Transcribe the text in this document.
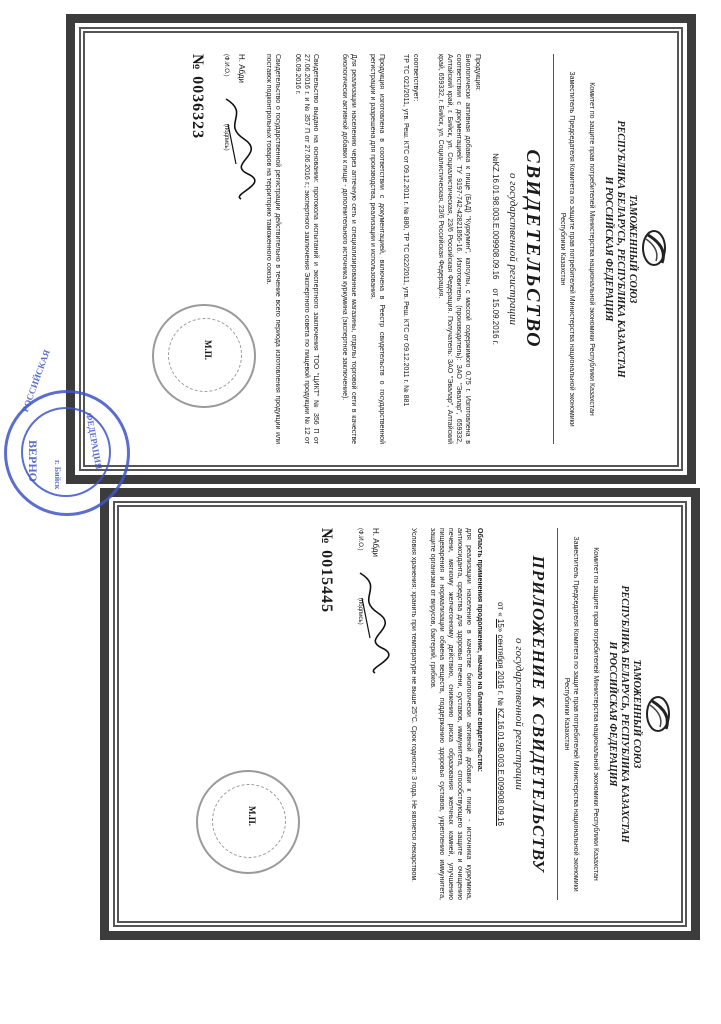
ТАМОЖЕННЫЙ СОЮЗ
РЕСПУБЛИКА БЕЛАРУСЬ, РЕСПУБЛИКА КАЗАХСТАН
И РОССИЙСКАЯ ФЕДЕРАЦИЯ
Комитет по защите прав потребителей Министерства национальной экономики Республики Казахстан
Заместитель Председателя Комитета по защите прав потребителей Министерства национальной экономики Республики Казахстан
СВИДЕТЕЛЬСТВО
о государственной регистрации
№KZ.16.01.98.003.E.009908.09.16    от 15.09.2016 г.
Продукция:
Биологически активная добавка к пище (БАД) "Куркумин", капсулы, с массой содержимого 0,75 г. Изготовлена в соответствии с документацией: ТУ 9197-742-42821856-16. Изготовитель (производитель): ЗАО "Эвалар", 659332, Алтайский край, г. Бийск, ул. Социалистическая, 23/6 Российская Федерация. Получатель: ЗАО "Эвалар", Алтайский край, 659332, г. Бийск, ул. Социалистическая, 23/6 Российская Федерация.
соответствует:
ТР ТС 021/2011, утв. Реш. КТС от 09.12.2011 г. № 880, ТР ТС 022/2011, утв. Реш. КТС от 09.12.2011 г. № 881
Продукция изготовлена в соответствии с документацией, включена в Реестр свидетельств о государственной регистрации и разрешена для производства, реализации и использования.
Для реализации населению через аптечную сеть и специализированные магазины, отделы торговой сети в качестве биологически активной добавки к пище - дополнительного источника куркумина (экспертное заключение).
Свидетельство выдано на основании: протокола испытаний и экспертного заключения ТОО "ЦИКТ" № 356 П от 27.06.2016 г. и № 357 П от 27.06.2016 г.; экспертного заключения Экспертного совета по пищевой продукции № 12 от 06.09.2016 г.
Свидетельство о государственной регистрации действительно в течение всего периода изготовления продукции или поставок подконтрольных товаров на территорию таможенного союза.
Н. Абди
(Ф.И.О.)
(подпись)
№ 0036323
М.П.
ТАМОЖЕННЫЙ СОЮЗ
РЕСПУБЛИКА БЕЛАРУСЬ, РЕСПУБЛИКА КАЗАХСТАН
И РОССИЙСКАЯ ФЕДЕРАЦИЯ
Комитет по защите прав потребителей Министерства национальной экономики Республики Казахстан
Заместитель Председателя Комитета по защите прав потребителей Министерства национальной экономики Республики Казахстан
ПРИЛОЖЕНИЕ К СВИДЕТЕЛЬСТВУ
о государственной регистрации
от « 15» сентября 2016 г. № KZ.16.01.98.003.E.009908.09.16
Область применения продолжение, начало на бланке свидетельства:
для реализации населению в качестве биологически активной добавки к пище - источника куркумина, антиоксиданта, средства для здоровья печени, суставов, иммунитета, способствующего защите и очищению печени, мягкому желчегонному действию, снижению риска образования желчных камней, улучшению пищеварения и нормализации обмена веществ, поддержанию здоровья суставов, укреплению иммунитета, защите организма от вирусов, бактерий, грибков.
Условия хранения: хранить при температуре не выше 25°С. Срок годности: 3 года. Не является лекарством.
Н. Абди
(Ф.И.О.)
(подпись)
№ 0015445
М.П.
РОССИЙСКАЯ
ФЕДЕРАЦИЯ
ВЕРНО г. Бийск
